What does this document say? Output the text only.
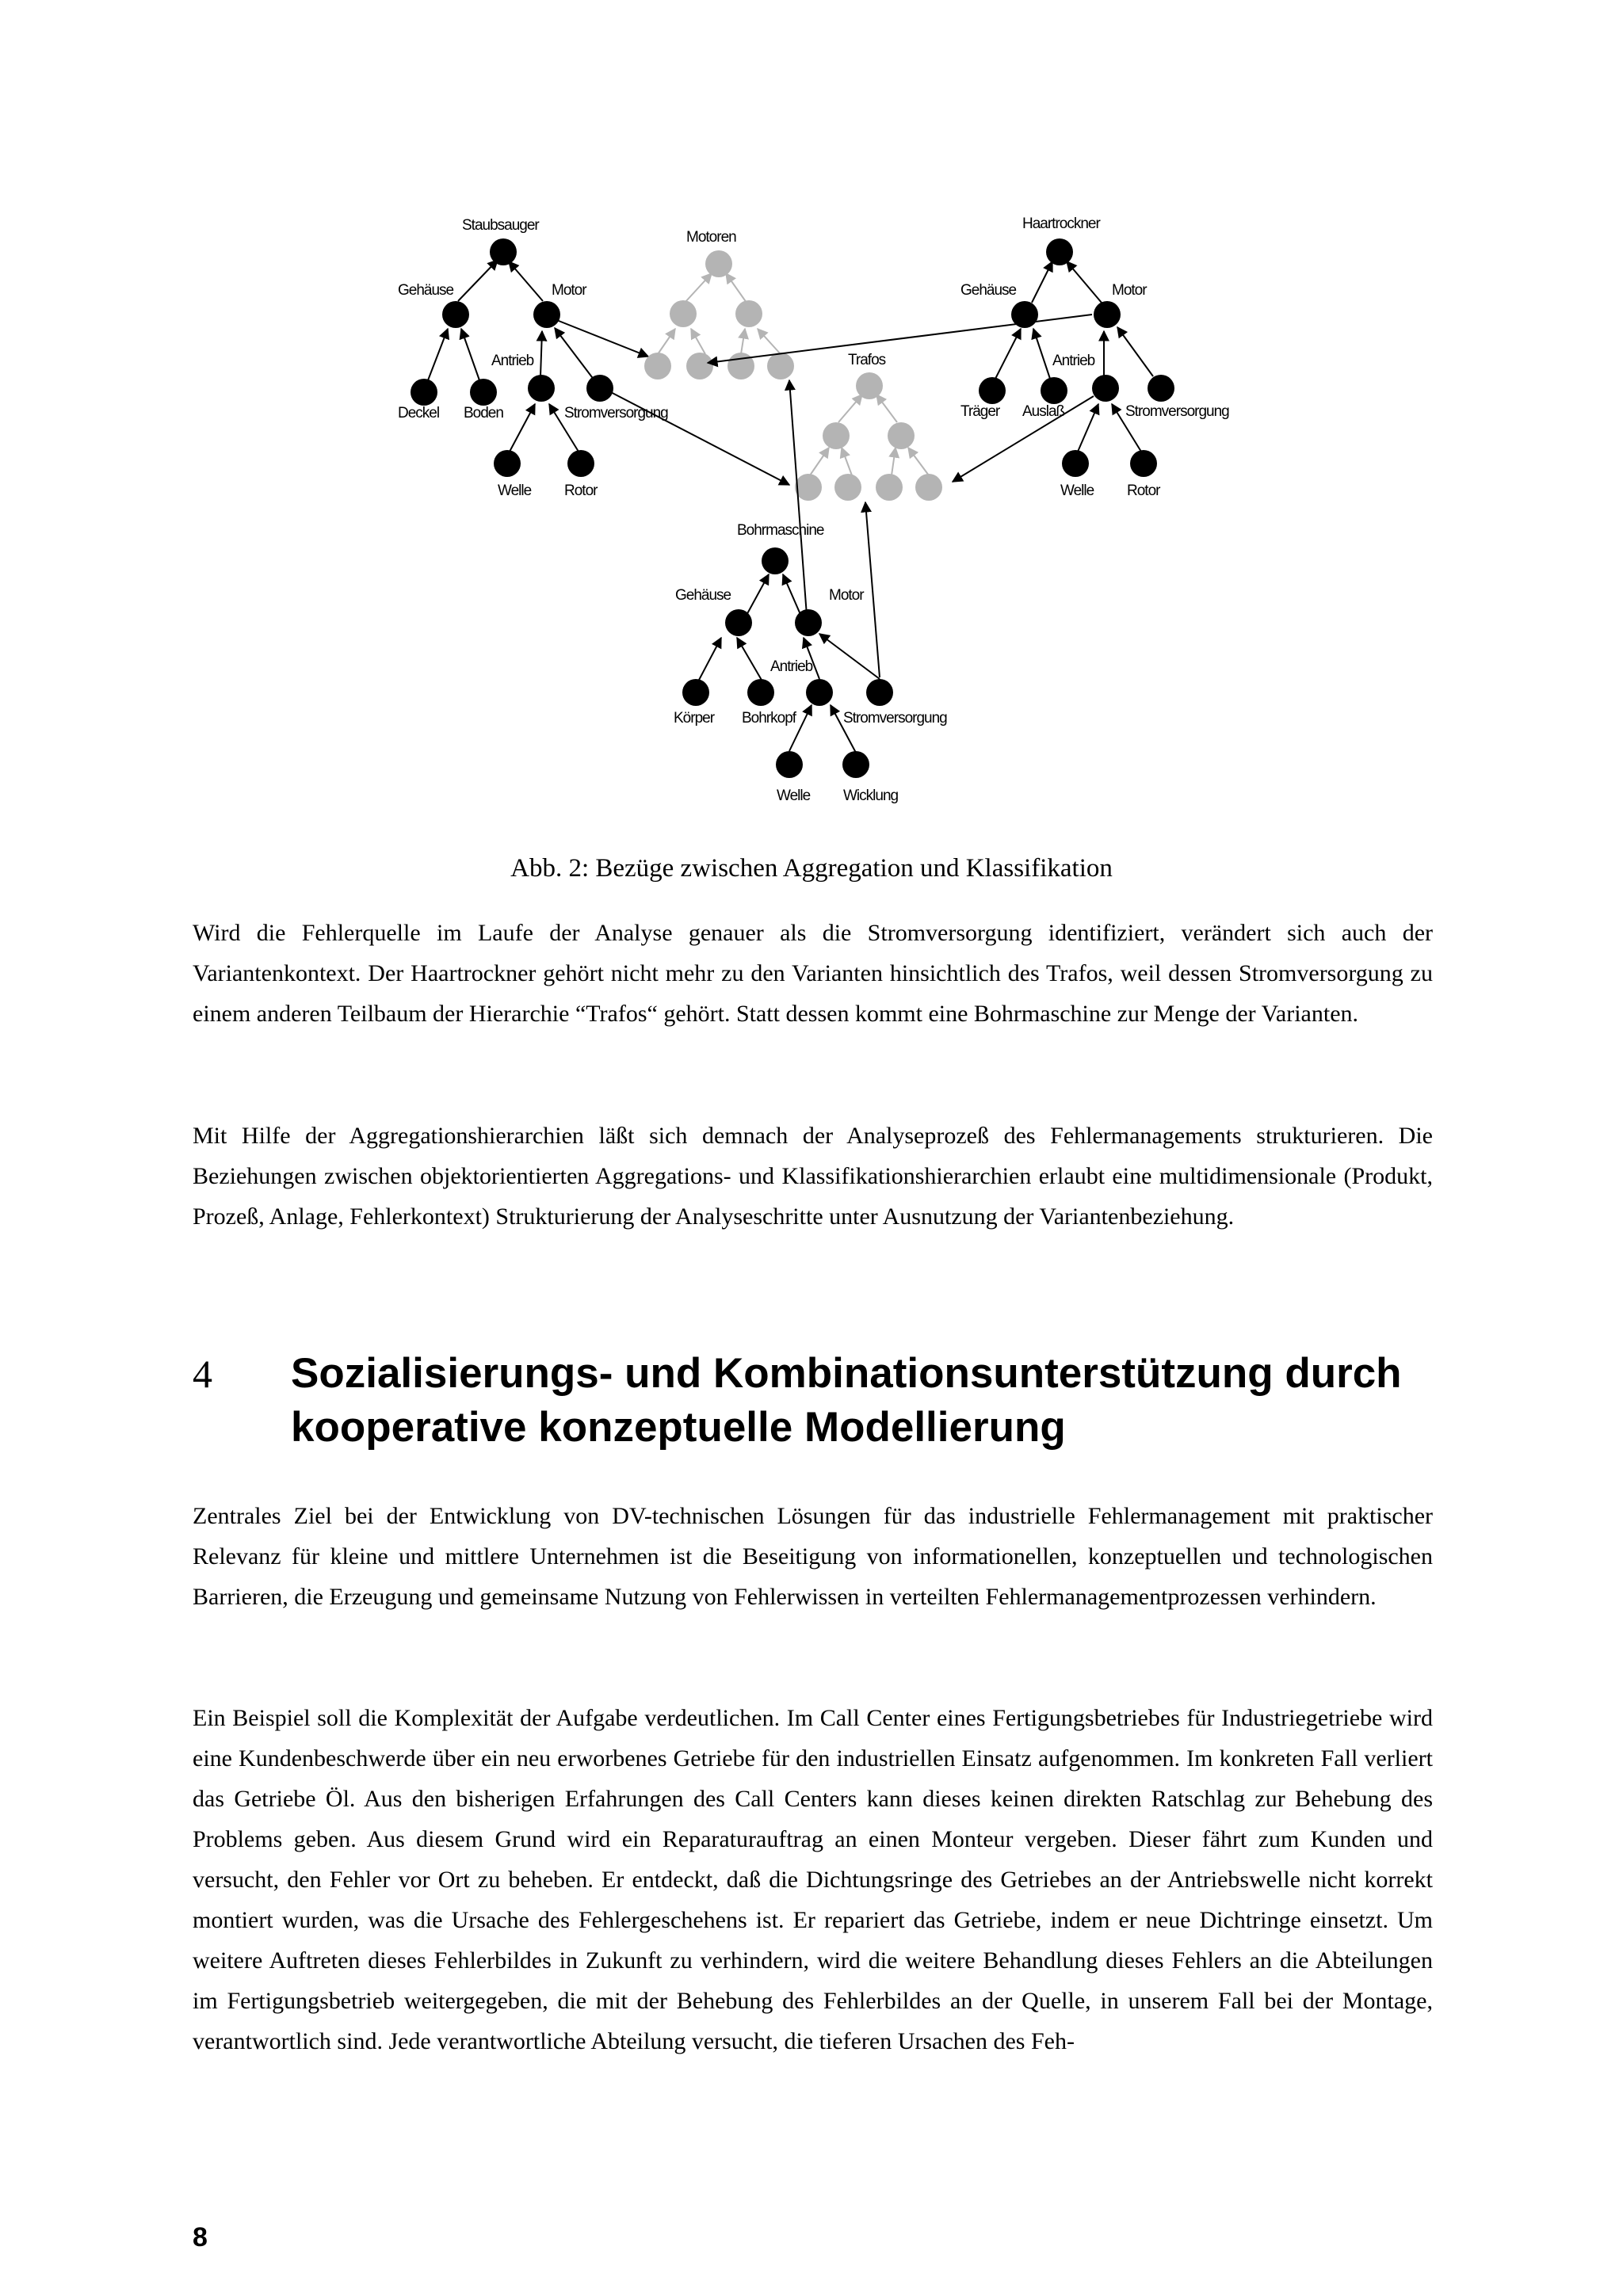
Staubsauger
Gehäuse	Motor
Antrieb
Deckel Boden	Stromversorgung
Welle Rotor
Motoren
Trafos
Haartrockner
Gehäuse	Motor
Antrieb
Träger Auslaß	Stromversorgung
Welle Rotor
Bohrmaschine
Gehäuse	Motor
Antrieb
Körper Bohrkopf	Stromversorgung
Welle Wicklung
Abb. 2: Bezüge zwischen Aggregation und Klassifikation

Wird die Fehlerquelle im Laufe der Analyse genauer als die Stromversorgung identifiziert, verändert sich auch der Variantenkontext. Der Haartrockner gehört nicht mehr zu den Varianten hinsichtlich des Trafos, weil dessen Stromversorgung zu einem anderen Teilbaum der Hierarchie “Trafos“ gehört. Statt dessen kommt eine Bohrmaschine zur Menge der Varianten.

Mit Hilfe der Aggregationshierarchien läßt sich demnach der Analyseprozeß des Fehlermanagements strukturieren. Die Beziehungen zwischen objektorientierten Aggregations- und Klassifikationshierarchien erlaubt eine multidimensionale (Produkt, Prozeß, Anlage, Fehlerkontext) Strukturierung der Analyseschritte unter Ausnutzung der Variantenbeziehung.

4 Sozialisierungs- und Kombinationsunterstützung durch kooperative konzeptuelle Modellierung

Zentrales Ziel bei der Entwicklung von DV-technischen Lösungen für das industrielle Fehlermanagement mit praktischer Relevanz für kleine und mittlere Unternehmen ist die Beseitigung von informationellen, konzeptuellen und technologischen Barrieren, die Erzeugung und gemeinsame Nutzung von Fehlerwissen in verteilten Fehlermanagementprozessen verhindern.

Ein Beispiel soll die Komplexität der Aufgabe verdeutlichen. Im Call Center eines Fertigungsbetriebes für Industriegetriebe wird eine Kundenbeschwerde über ein neu erworbenes Getriebe für den industriellen Einsatz aufgenommen. Im konkreten Fall verliert das Getriebe Öl. Aus den bisherigen Erfahrungen des Call Centers kann dieses keinen direkten Ratschlag zur Behebung des Problems geben. Aus diesem Grund wird ein Reparaturauftrag an einen Monteur vergeben. Dieser fährt zum Kunden und versucht, den Fehler vor Ort zu beheben. Er entdeckt, daß die Dichtungsringe des Getriebes an der Antriebswelle nicht korrekt montiert wurden, was die Ursache des Fehlergeschehens ist. Er repariert das Getriebe, indem er neue Dichtringe einsetzt. Um weitere Auftreten dieses Fehlerbildes in Zukunft zu verhindern, wird die weitere Behandlung dieses Fehlers an die Abteilungen im Fertigungsbetrieb weitergegeben, die mit der Behebung des Fehlerbildes an der Quelle, in unserem Fall bei der Montage, verantwortlich sind. Jede verantwortliche Abteilung versucht, die tieferen Ursachen des Feh-

8
